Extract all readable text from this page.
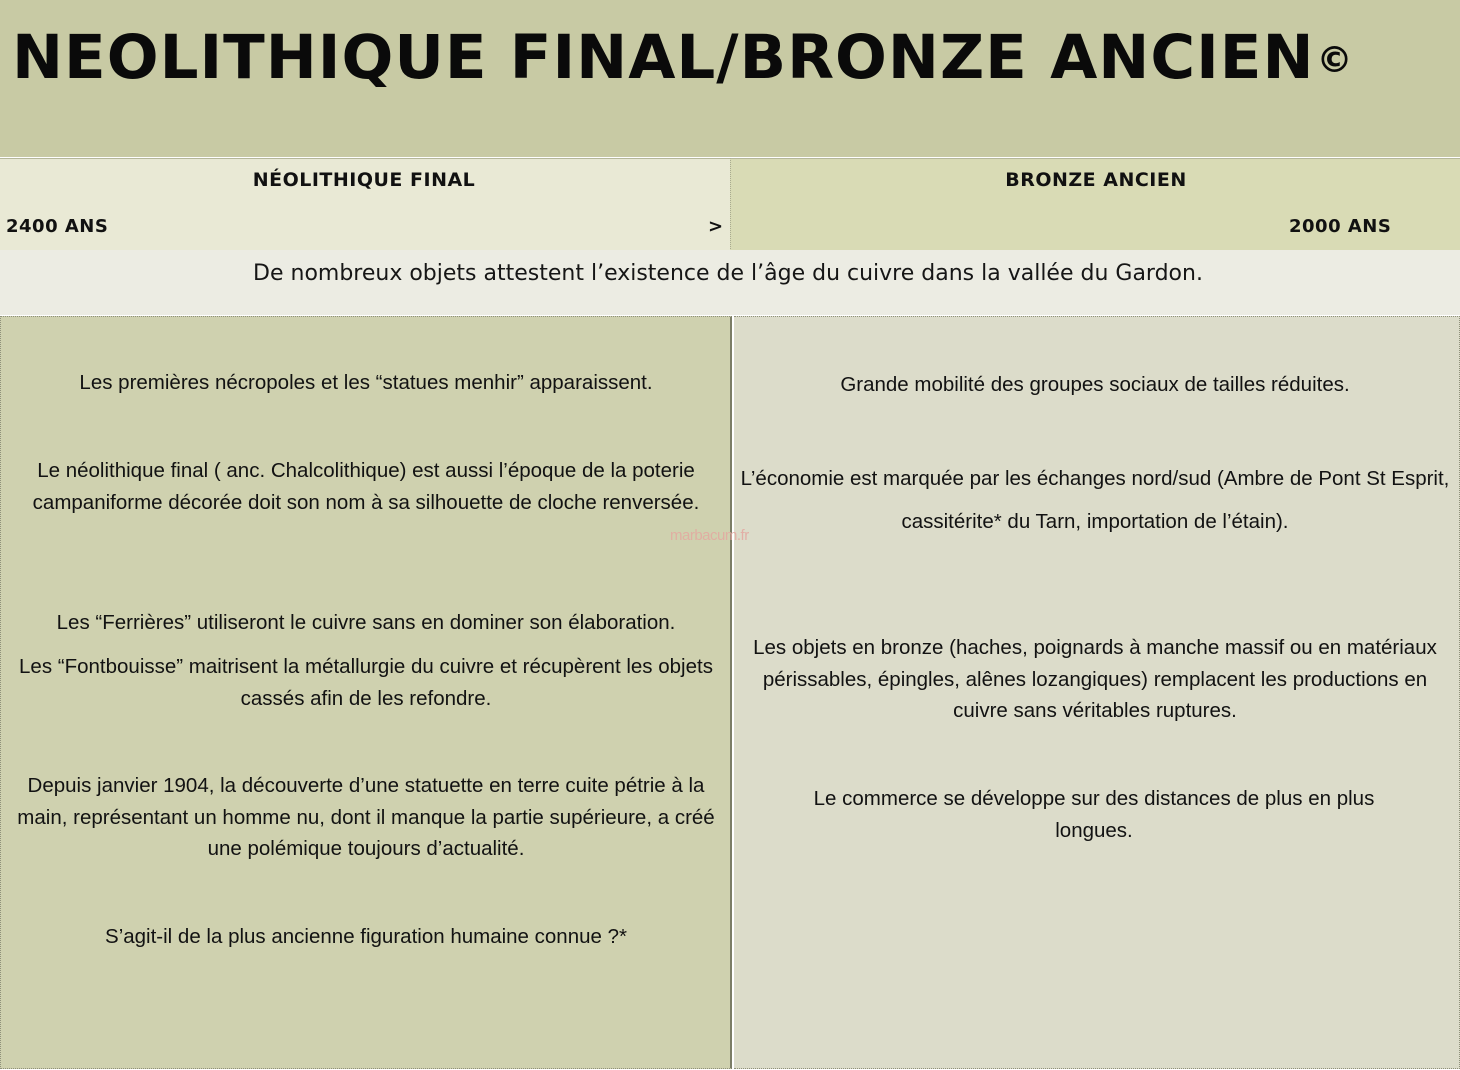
NEOLITHIQUE FINAL/BRONZE ANCIEN©
NÉOLITHIQUE FINAL
2400 ANS	>
BRONZE ANCIEN
2000 ANS
De nombreux objets attestent l’existence de l’âge du cuivre dans la vallée du Gardon.
Les premières nécropoles et les “statues menhir” apparaissent.
Le néolithique final ( anc. Chalcolithique) est aussi l’époque de la poterie campaniforme décorée doit son nom à sa silhouette de cloche renversée.
Les “Ferrières” utiliseront le cuivre sans en dominer son élaboration.
Les “Fontbouisse” maitrisent la métallurgie du cuivre et récupèrent les objets cassés afin de les refondre.
Depuis janvier 1904, la découverte d’une statuette en terre cuite pétrie à la main, représentant un homme nu, dont il manque la partie supérieure, a créé une polémique toujours d’actualité.
S’agit-il de la plus ancienne figuration humaine connue ?*
Grande mobilité des groupes sociaux de tailles réduites.
L’économie est marquée par les échanges nord/sud (Ambre de Pont St Esprit, cassitérite* du Tarn, importation de l’étain).
Les objets en bronze (haches, poignards à manche massif ou en matériaux périssables, épingles, alênes lozangiques) remplacent les productions en cuivre sans véritables ruptures.
Le commerce se développe sur des distances de plus en plus longues.
marbacum.fr
